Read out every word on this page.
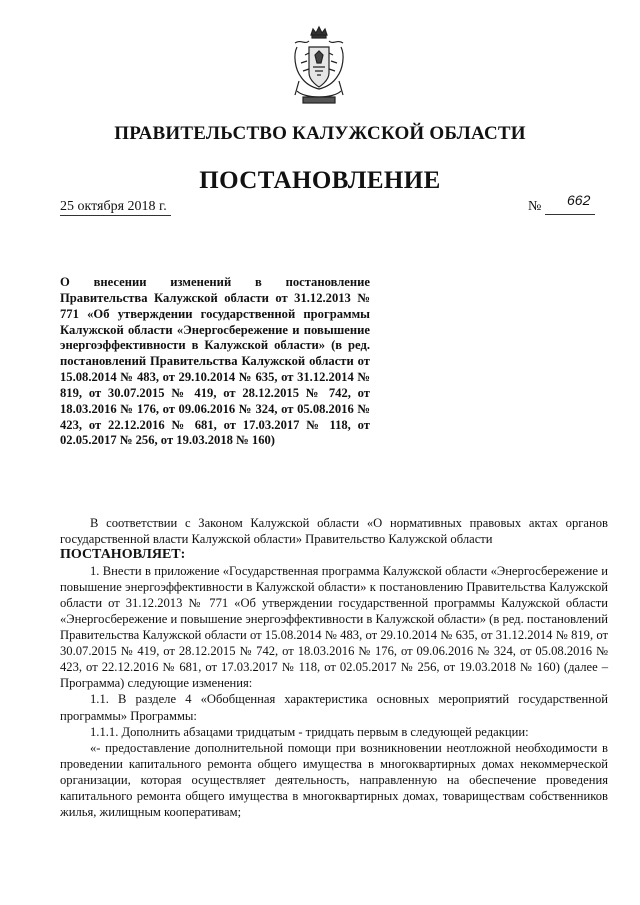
ПРАВИТЕЛЬСТВО КАЛУЖСКОЙ ОБЛАСТИ
ПОСТАНОВЛЕНИЕ
25 октября 2018 г.	№ 662
О внесении изменений в постановление Правительства Калужской области от 31.12.2013 № 771 «Об утверждении государственной программы Калужской области «Энергосбережение и повышение энергоэффективности в Калужской области» (в ред. постановлений Правительства Калужской области от 15.08.2014 № 483, от 29.10.2014 № 635, от 31.12.2014 № 819, от 30.07.2015 № 419, от 28.12.2015 № 742, от 18.03.2016 № 176, от 09.06.2016 № 324, от 05.08.2016 № 423, от 22.12.2016 № 681, от 17.03.2017 № 118, от 02.05.2017 № 256, от 19.03.2018 № 160)

В соответствии с Законом Калужской области «О нормативных правовых актах органов государственной власти Калужской области» Правительство Калужской области

ПОСТАНОВЛЯЕТ:

1. Внести в приложение «Государственная программа Калужской области «Энергосбережение и повышение энергоэффективности в Калужской области» к постановлению Правительства Калужской области от 31.12.2013 № 771 «Об утверждении государственной программы Калужской области «Энергосбережение и повышение энергоэффективности в Калужской области» (в ред. постановлений Правительства Калужской области от 15.08.2014 № 483, от 29.10.2014 № 635, от 31.12.2014 № 819, от 30.07.2015 № 419, от 28.12.2015 № 742, от 18.03.2016 № 176, от 09.06.2016 № 324, от 05.08.2016 № 423, от 22.12.2016 № 681, от 17.03.2017 № 118, от 02.05.2017 № 256, от 19.03.2018 № 160) (далее – Программа) следующие изменения:

1.1. В разделе 4 «Обобщенная характеристика основных мероприятий государственной программы» Программы:

1.1.1. Дополнить абзацами тридцатым - тридцать первым в следующей редакции:

«- предоставление дополнительной помощи при возникновении неотложной необходимости в проведении капитального ремонта общего имущества в многоквартирных домах некоммерческой организации, которая осуществляет деятельность, направленную на обеспечение проведения капитального ремонта общего имущества в многоквартирных домах, товариществам собственников жилья, жилищным кооперативам;
